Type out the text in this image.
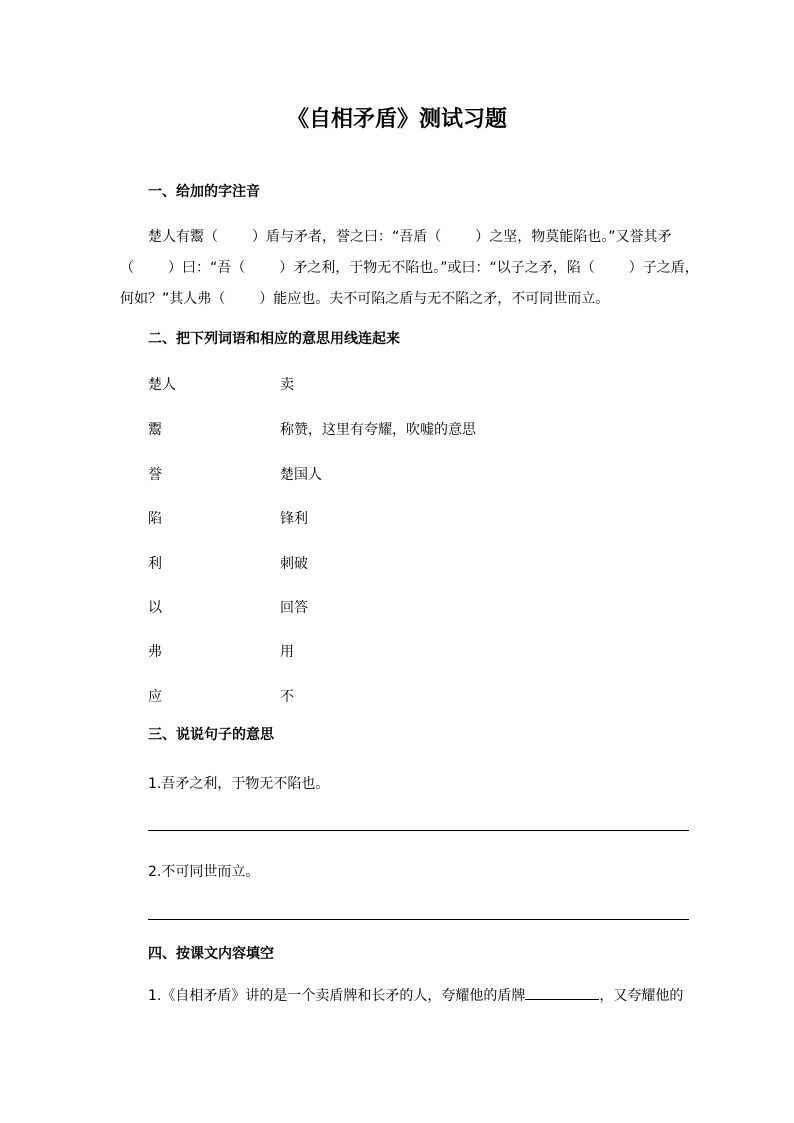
《自相矛盾》测试习题
一、给加的字注音

楚人有鬻（ ）盾与矛者，誉之曰：“吾盾（ ）之坚，物莫能陷也。”又誉其矛

（ ）曰：“吾（ ）矛之利，于物无不陷也。”或曰：“以子之矛，陷（ ）子之盾，

何如？”其人弗（ ）能应也。夫不可陷之盾与无不陷之矛，不可同世而立。

二、把下列词语和相应的意思用线连起来
楚人	卖
鬻	称赞，这里有夸耀，吹嘘的意思
誉	楚国人
陷	锋利
利	刺破
以	回答
弗	用
应	不
三、说说句子的意思
1.吾矛之利，于物无不陷也。
2.不可同世而立。
四、按课文内容填空
1.《自相矛盾》讲的是一个卖盾牌和长矛的人，夸耀他的盾牌	，又夸耀他的
